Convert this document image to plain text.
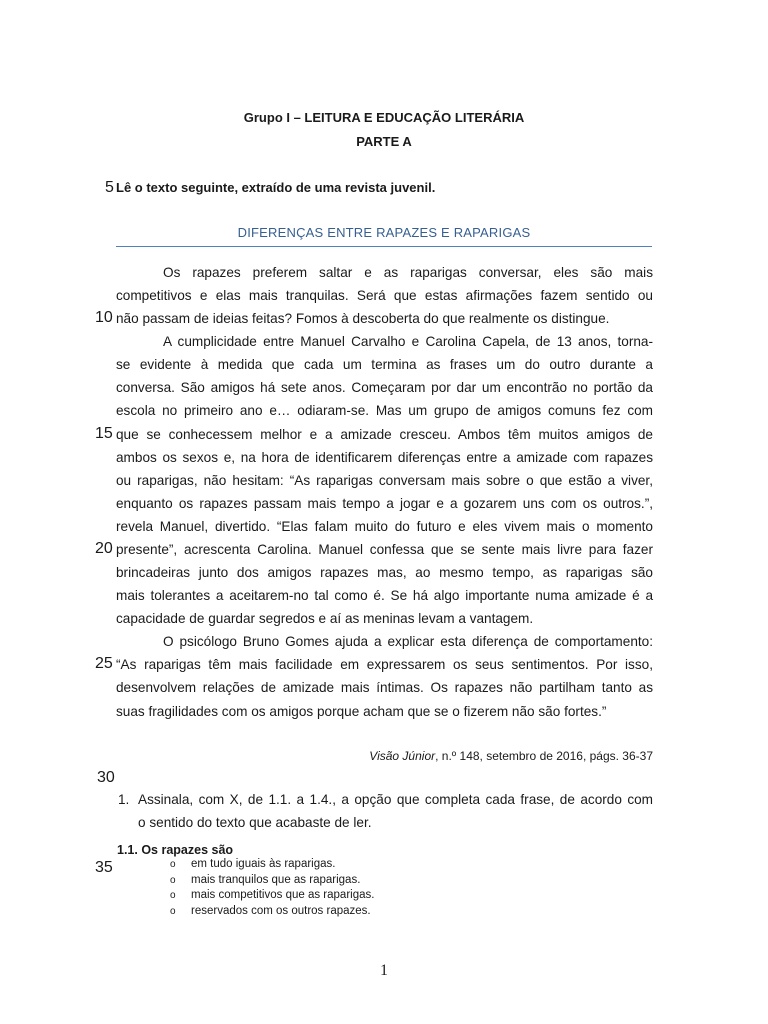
Grupo I – LEITURA E EDUCAÇÃO LITERÁRIA
PARTE A
5 Lê o texto seguinte, extraído de uma revista juvenil.
DIFERENÇAS ENTRE RAPAZES E RAPARIGAS
Os rapazes preferem saltar e as raparigas conversar, eles são mais
competitivos e elas mais tranquilas. Será que estas afirmações fazem sentido ou
não passam de ideias feitas? Fomos à descoberta do que realmente os distingue.
10
A cumplicidade entre Manuel Carvalho e Carolina Capela, de 13 anos, torna-
se evidente à medida que cada um termina as frases um do outro durante a
conversa. São amigos há sete anos. Começaram por dar um encontrão no portão da
escola no primeiro ano e… odiaram-se. Mas um grupo de amigos comuns fez com
que se conhecessem melhor e a amizade cresceu. Ambos têm muitos amigos de
15
ambos os sexos e, na hora de identificarem diferenças entre a amizade com rapazes
ou raparigas, não hesitam: “As raparigas conversam mais sobre o que estão a viver,
enquanto os rapazes passam mais tempo a jogar e a gozarem uns com os outros.”,
revela Manuel, divertido. “Elas falam muito do futuro e eles vivem mais o momento
presente”, acrescenta Carolina. Manuel confessa que se sente mais livre para fazer
20
brincadeiras junto dos amigos rapazes mas, ao mesmo tempo, as raparigas são
mais tolerantes a aceitarem-no tal como é. Se há algo importante numa amizade é a
capacidade de guardar segredos e aí as meninas levam a vantagem.
O psicólogo Bruno Gomes ajuda a explicar esta diferença de comportamento:
“As raparigas têm mais facilidade em expressarem os seus sentimentos. Por isso,
25
desenvolvem relações de amizade mais íntimas. Os rapazes não partilham tanto as
suas fragilidades com os amigos porque acham que se o fizerem não são fortes.”
Visão Júnior, n.º 148, setembro de 2016, págs. 36-37
30
1. Assinala, com X, de 1.1. a 1.4., a opção que completa cada frase, de acordo com
o sentido do texto que acabaste de ler.
35
1.1. Os rapazes são
o em tudo iguais às raparigas.
o mais tranquilos que as raparigas.
o mais competitivos que as raparigas.
o reservados com os outros rapazes.
1
